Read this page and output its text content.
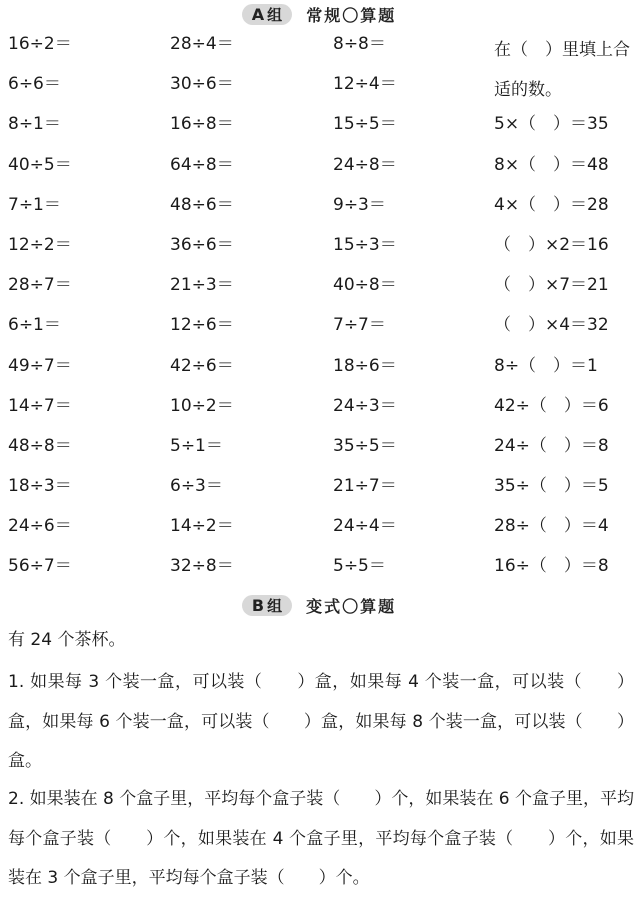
A 组	常规〇算题
16÷2＝	28÷4＝	8÷8＝
6÷6＝	30÷6＝	12÷4＝
8÷1＝	16÷8＝	15÷5＝	5×（　）＝35
40÷5＝	64÷8＝	24÷8＝	8×（　）＝48
7÷1＝	48÷6＝	9÷3＝	4×（　）＝28
12÷2＝	36÷6＝	15÷3＝	（　）×2＝16
28÷7＝	21÷3＝	40÷8＝	（　）×7＝21
6÷1＝	12÷6＝	7÷7＝	（　）×4＝32
49÷7＝	42÷6＝	18÷6＝	8÷（　）＝1
14÷7＝	10÷2＝	24÷3＝	42÷（　）＝6
48÷8＝	5÷1＝	35÷5＝	24÷（　）＝8
18÷3＝	6÷3＝	21÷7＝	35÷（　）＝5
24÷6＝	14÷2＝	24÷4＝	28÷（　）＝4
56÷7＝	32÷8＝	5÷5＝	16÷（　）＝8
在（　）里填上合适的数。
B 组	变式〇算题
有 24 个茶杯。
1. 如果每 3 个装一盒，可以装（　　）盒，如果每 4 个装一盒，可以装（　　）盒，如果每 6 个装一盒，可以装（　　）盒，如果每 8 个装一盒，可以装（　　）盒。
2. 如果装在 8 个盒子里，平均每个盒子装（　　）个，如果装在 6 个盒子里，平均每个盒子装（　　）个，如果装在 4 个盒子里，平均每个盒子装（　　）个，如果装在 3 个盒子里，平均每个盒子装（　　）个。
